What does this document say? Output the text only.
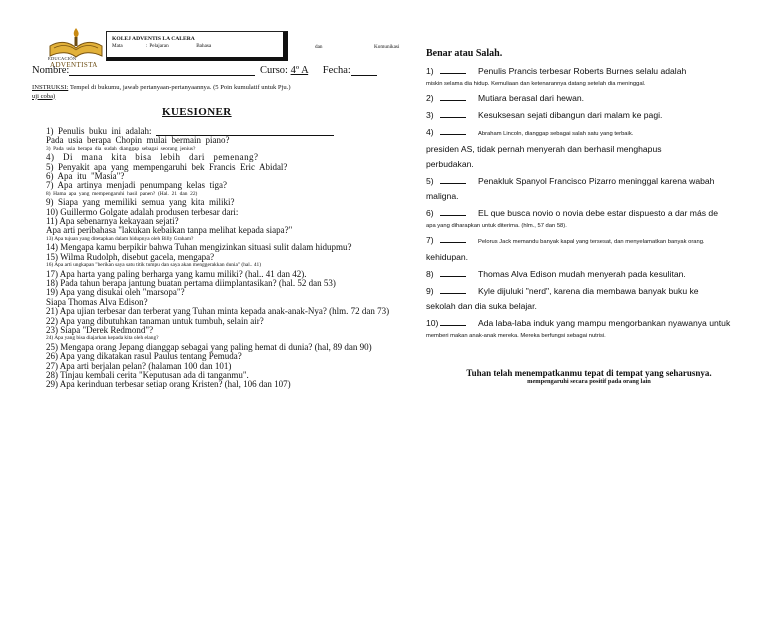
EDUCACIÓN
ADVENTISTA
KOLEJ ADVENTIS LA CALERA
Mata          : Pelajaran            Bahasa	dan	Komunikasi
Nombre:	Curso: 4º A Fecha:
INSTRUKSI: Tempel di bukumu, jawab pertanyaan-pertanyaannya. (5 Poin kumulatif untuk Pju.)
uji coba)
KUESIONER
1)  Penulis  buku  ini  adalah:
Pada  usia  berapa  Chopin  mulai  bermain  piano?
3)  Pada  usia  berapa  dia  sudah  dianggap  sebagai  seorang  jenius?
4)  Di  mana  kita  bisa  lebih  dari  pemenang?
5)  Penyakit  apa  yang  mempengaruhi  bek  Francis  Eric  Abidal?
6)  Apa  itu  "Masia"?
7)  Apa  artinya  menjadi  penumpang  kelas  tiga?
8)  Hama  apa  yang  mempengaruhi  hasil  panen?  (Hal.  21  dan  22)
9)  Siapa  yang  memiliki  semua  yang  kita  miliki?
10) Guillermo Golgate adalah produsen terbesar dari:
11) Apa sebenarnya kekayaan sejati?
Apa arti peribahasa "lakukan kebaikan tanpa melihat kepada siapa?"
13) Apa tujuan yang ditetapkan dalam hidupnya oleh Billy Graham?
14) Mengapa kamu berpikir bahwa Tuhan mengizinkan situasi sulit dalam hidupmu?
15) Wilma Rudolph, disebut gacela, mengapa?
16) Apa arti ungkapan "berikan saya satu titik tumpu dan saya akan menggerakkan dunia" (hal.. 41)
17) Apa harta yang paling berharga yang kamu miliki? (hal.. 41 dan 42).
18) Pada tahun berapa jantung buatan pertama diimplantasikan? (hal. 52 dan 53)
19) Apa yang disukai oleh "marsopa"?
Siapa Thomas Alva Edison?
21) Apa ujian terbesar dan terberat yang Tuhan minta kepada anak-anak-Nya? (hlm. 72 dan 73)
22) Apa yang dibutuhkan tanaman untuk tumbuh, selain air?
23) Siapa "Derek Redmond"?
24) Apa yang bisa diajarkan kepada kita oleh elang?
25) Mengapa orang Jepang dianggap sebagai yang paling hemat di dunia? (hal, 89 dan 90)
26) Apa yang dikatakan rasul Paulus tentang Pemuda?
27) Apa arti berjalan pelan? (halaman 100 dan 101)
28) Tinjau kembali cerita "Keputusan ada di tanganmu".
29) Apa kerinduan terbesar setiap orang Kristen? (hal, 106 dan 107)
Benar atau Salah.
1)	Penulis Prancis terbesar Roberts Burnes selalu adalah
miskin selama dia hidup. Kemuliaan dan ketenarannya datang setelah dia meninggal.
2)	Mutiara berasal dari hewan.
3)	Kesuksesan sejati dibangun dari malam ke pagi.
4)	Abraham Lincoln, dianggap sebagai salah satu yang terbaik.
presiden AS, tidak pernah menyerah dan berhasil menghapus
perbudakan.
5)	Penakluk Spanyol Francisco Pizarro meninggal karena wabah
maligna.
6)	EL que busca novio o novia debe estar dispuesto a dar más de
apa yang diharapkan untuk diterima. (hlm., 57 dan 58).
7)	Pelorus Jack memandu banyak kapal yang tersesat, dan menyelamatkan banyak orang.
kehidupan.
8)	Thomas Alva Edison mudah menyerah pada kesulitan.
9)	Kyle dijuluki "nerd", karena dia membawa banyak buku ke
sekolah dan dia suka belajar.
10)	Ada laba-laba induk yang mampu mengorbankan nyawanya untuk
memberi makan anak-anak mereka. Mereka berfungsi sebagai nutrisi.
Tuhan telah menempatkanmu tepat di tempat yang seharusnya.
mempengaruhi secara positif pada orang lain
